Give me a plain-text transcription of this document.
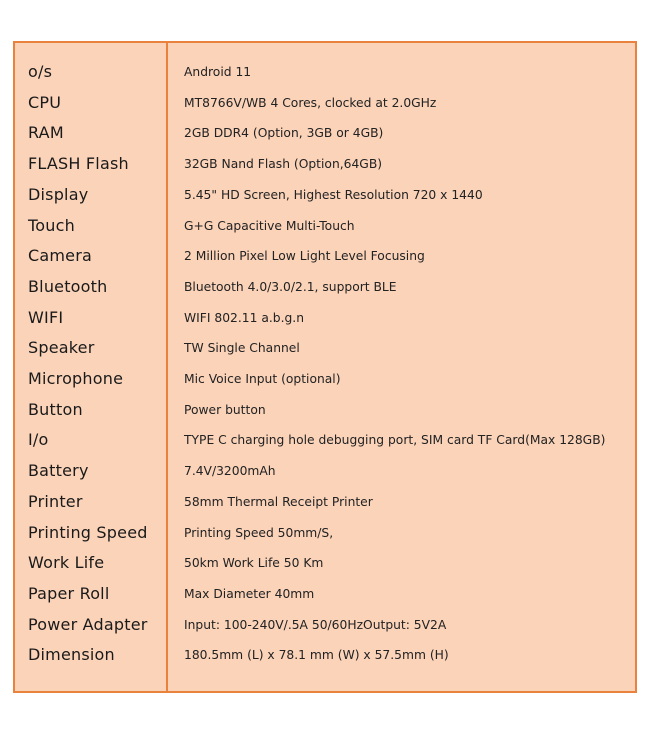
o/s	Android 11
CPU	MT8766V/WB 4 Cores, clocked at 2.0GHz
RAM	2GB DDR4 (Option, 3GB or 4GB)
FLASH Flash	32GB Nand Flash (Option,64GB)
Display	5.45" HD Screen, Highest Resolution 720 x 1440
Touch	G+G Capacitive Multi-Touch
Camera	2 Million Pixel Low Light Level Focusing
Bluetooth	Bluetooth 4.0/3.0/2.1, support BLE
WIFI	WIFI 802.11 a.b.g.n
Speaker	TW Single Channel
Microphone	Mic Voice Input (optional)
Button	Power button
I/o	TYPE C charging hole debugging port, SIM card TF Card(Max 128GB)
Battery	7.4V/3200mAh
Printer	58mm Thermal Receipt Printer
Printing Speed	Printing Speed 50mm/S,
Work Life	50km Work Life 50 Km
Paper Roll	Max Diameter 40mm
Power Adapter	Input: 100-240V/.5A 50/60HzOutput: 5V2A
Dimension	180.5mm (L) x 78.1 mm (W) x 57.5mm (H)
